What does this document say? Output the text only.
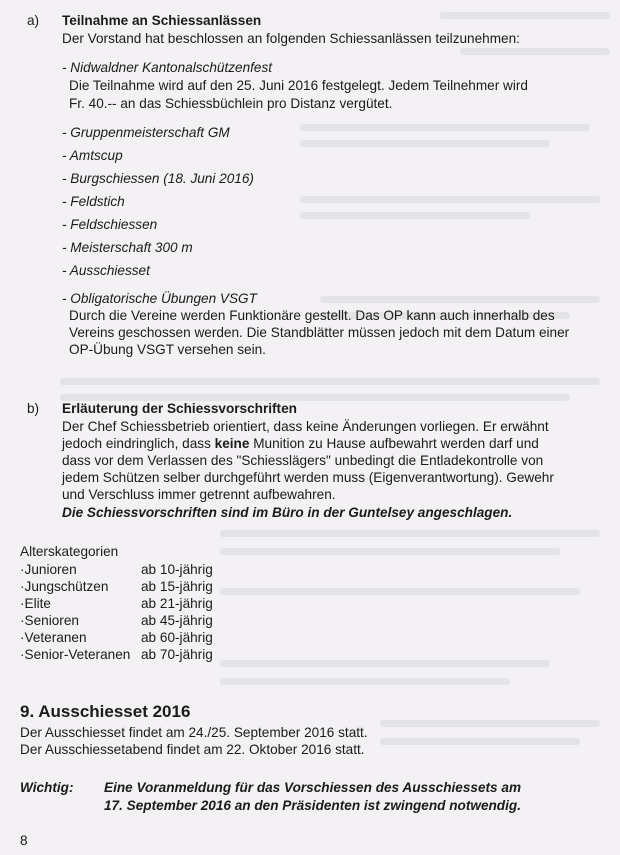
a) Teilnahme an Schiessanlässen
Der Vorstand hat beschlossen an folgenden Schiessanlässen teilzunehmen:
- Nidwaldner Kantonalschützenfest
Die Teilnahme wird auf den 25. Juni 2016 festgelegt. Jedem Teilnehmer wird
Fr. 40.-- an das Schiessbüchlein pro Distanz vergütet.
- Gruppenmeisterschaft GM
- Amtscup
- Burgschiessen (18. Juni 2016)
- Feldstich
- Feldschiessen
- Meisterschaft 300 m
- Ausschiesset
- Obligatorische Übungen VSGT
Durch die Vereine werden Funktionäre gestellt. Das OP kann auch innerhalb des
Vereins geschossen werden. Die Standblätter müssen jedoch mit dem Datum einer
OP-Übung VSGT versehen sein.
b) Erläuterung der Schiessvorschriften
Der Chef Schiessbetrieb orientiert, dass keine Änderungen vorliegen. Er erwähnt
jedoch eindringlich, dass keine Munition zu Hause aufbewahrt werden darf und
dass vor dem Verlassen des "Schiesslägers" unbedingt die Entladekontrolle von
jedem Schützen selber durchgeführt werden muss (Eigenverantwortung). Gewehr
und Verschluss immer getrennt aufbewahren.
Die Schiessvorschriften sind im Büro in der Guntelsey angeschlagen.
Alterskategorien
·Junioren	ab 10-jährig
·Jungschützen ab 15-jährig
·Elite	ab 21-jährig
·Senioren	ab 45-jährig
·Veteranen	ab 60-jährig
·Senior-Veteranen ab 70-jährig
9. Ausschiesset 2016
Der Ausschiesset findet am 24./25. September 2016 statt.
Der Ausschiessetabend findet am 22. Oktober 2016 statt.
Wichtig: Eine Voranmeldung für das Vorschiessen des Ausschiessets am
17. September 2016 an den Präsidenten ist zwingend notwendig.
8
